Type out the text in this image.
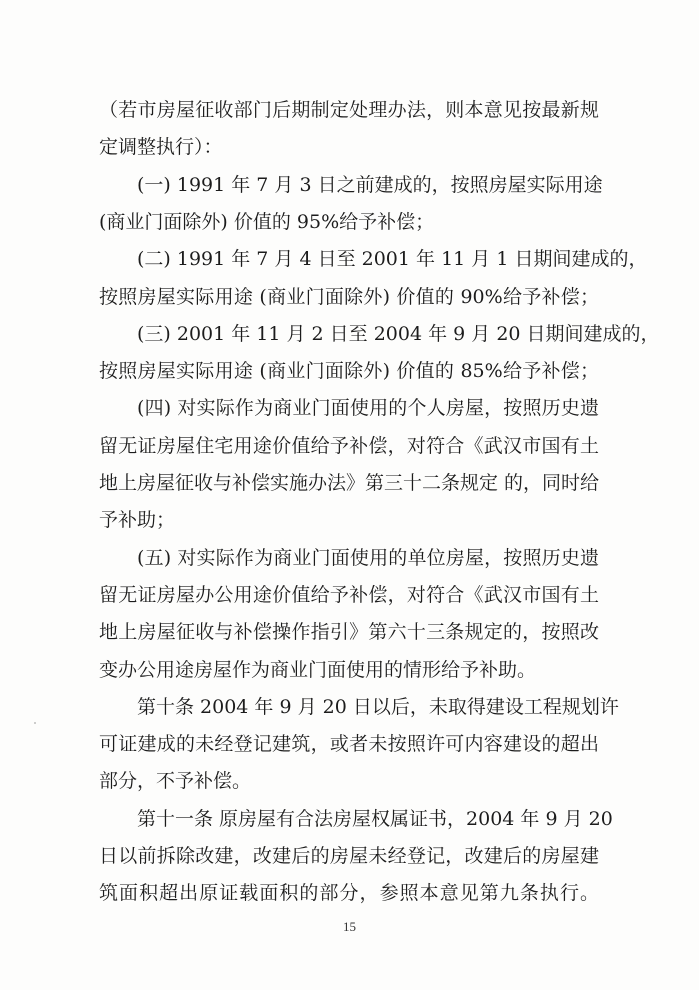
（若市房屋征收部门后期制定处理办法，则本意见按最新规
定调整执行）：
(一) 1991 年 7 月 3 日之前建成的，按照房屋实际用途
(商业门面除外) 价值的 95%给予补偿；
(二) 1991 年 7 月 4 日至 2001 年 11 月 1 日期间建成的，
按照房屋实际用途 (商业门面除外) 价值的 90%给予补偿；
(三) 2001 年 11 月 2 日至 2004 年 9 月 20 日期间建成的，
按照房屋实际用途 (商业门面除外) 价值的 85%给予补偿；
(四) 对实际作为商业门面使用的个人房屋，按照历史遗
留无证房屋住宅用途价值给予补偿，对符合《武汉市国有土
地上房屋征收与补偿实施办法》第三十二条规定 的，同时给
予补助；
(五) 对实际作为商业门面使用的单位房屋，按照历史遗
留无证房屋办公用途价值给予补偿，对符合《武汉市国有土
地上房屋征收与补偿操作指引》第六十三条规定的，按照改
变办公用途房屋作为商业门面使用的情形给予补助。
第十条 2004 年 9 月 20 日以后，未取得建设工程规划许
可证建成的未经登记建筑，或者未按照许可内容建设的超出
部分，不予补偿。
第十一条 原房屋有合法房屋权属证书，2004 年 9 月 20
日以前拆除改建，改建后的房屋未经登记，改建后的房屋建
筑面积超出原证载面积的部分，参照本意见第九条执行。
15
